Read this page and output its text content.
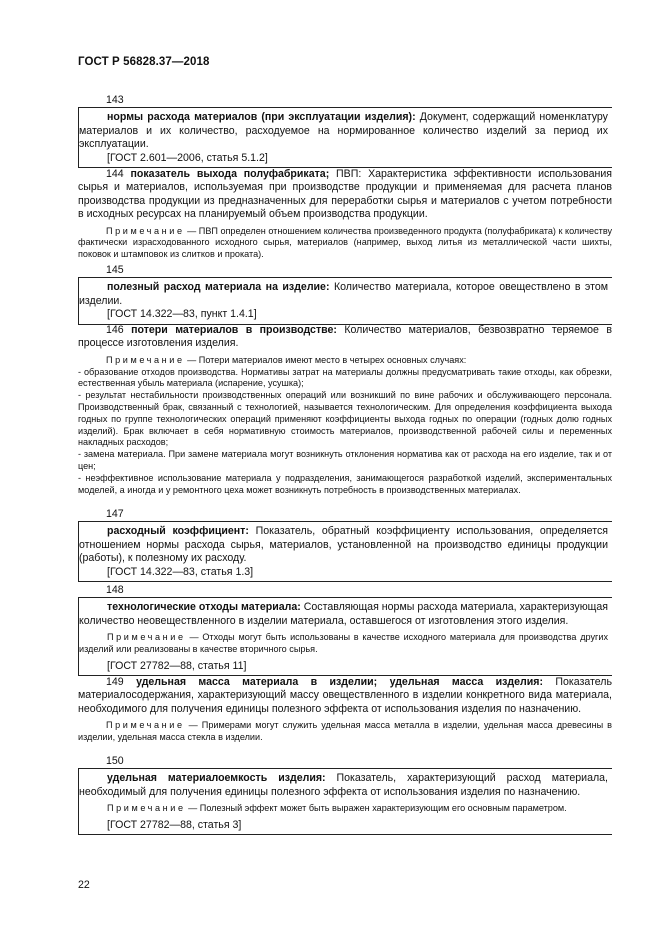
ГОСТ Р 56828.37—2018

143

нормы расхода материалов (при эксплуатации изделия): Документ, содержащий номенклатуру материалов и их количество, расходуемое на нормированное количество изделий за период их эксплуатации.

[ГОСТ 2.601—2006, статья 5.1.2]

144 показатель выхода полуфабриката; ПВП: Характеристика эффективности использования сырья и материалов, используемая при производстве продукции и применяемая для расчета планов производства продукции из предназначенных для переработки сырья и материалов с учетом потребности в исходных ресурсах на планируемый объем производства продукции.

Примечание — ПВП определен отношением количества произведенного продукта (полуфабриката) к количеству фактически израсходованного исходного сырья, материалов (например, выход литья из металлической части шихты, поковок и штамповок из слитков и проката).

145

полезный расход материала на изделие: Количество материала, которое овеществлено в этом изделии.

[ГОСТ 14.322—83, пункт 1.4.1]

146 потери материалов в производстве: Количество материалов, безвозвратно теряемое в процессе изготовления изделия.

Примечание — Потери материалов имеют место в четырех основных случаях:

- образование отходов производства. Нормативы затрат на материалы должны предусматривать такие отходы, как обрезки, естественная убыль материала (испарение, усушка);

- результат нестабильности производственных операций или возникший по вине рабочих и обслуживающего персонала. Производственный брак, связанный с технологией, называется технологическим. Для определения коэффициента выхода годных по группе технологических операций применяют коэффициенты выхода годных по операции (годных долю годных изделий). Брак включает в себя нормативную стоимость материалов, производственной рабочей силы и переменных накладных расходов;

- замена материала. При замене материала могут возникнуть отклонения норматива как от расхода на его изделие, так и от цен;

- неэффективное использование материала у подразделения, занимающегося разработкой изделий, экспериментальных моделей, а иногда и у ремонтного цеха может возникнуть потребность в производственных материалах.

147

расходный коэффициент: Показатель, обратный коэффициенту использования, определяется отношением нормы расхода сырья, материалов, установленной на производство единицы продукции (работы), к полезному их расходу.

[ГОСТ 14.322—83, статья 1.3]

148

технологические отходы материала: Составляющая нормы расхода материала, характеризующая количество неовеществленного в изделии материала, оставшегося от изготовления этого изделия.

Примечание — Отходы могут быть использованы в качестве исходного материала для производства других изделий или реализованы в качестве вторичного сырья.

[ГОСТ 27782—88, статья 11]

149 удельная масса материала в изделии; удельная масса изделия: Показатель материалосодержания, характеризующий массу овеществленного в изделии конкретного вида материала, необходимого для получения единицы полезного эффекта от использования изделия по назначению.

Примечание — Примерами могут служить удельная масса металла в изделии, удельная масса древесины в изделии, удельная масса стекла в изделии.

150

удельная материалоемкость изделия: Показатель, характеризующий расход материала, необходимый для получения единицы полезного эффекта от использования изделия по назначению.

Примечание — Полезный эффект может быть выражен характеризующим его основным параметром.

[ГОСТ 27782—88, статья 3]

22
